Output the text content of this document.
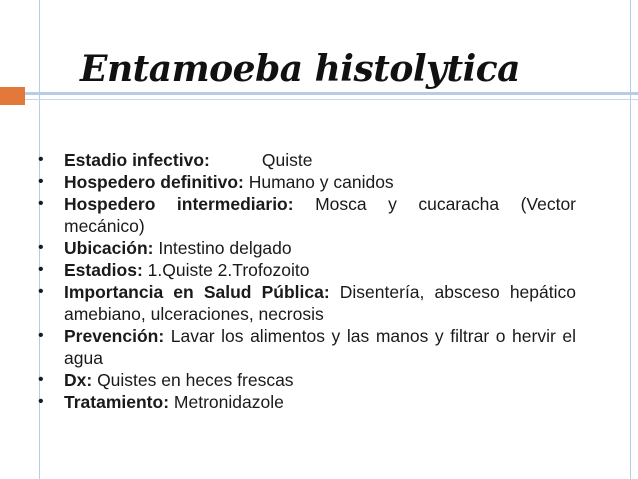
Entamoeba histolytica
•	Estadio infectivo:	Quiste
•	Hospedero definitivo: Humano y canidos
•	Hospedero intermediario: Mosca y cucaracha (Vector mecánico)
•	Ubicación: Intestino delgado
•	Estadios: 1.Quiste 2.Trofozoito
•	Importancia en Salud Pública: Disentería, absceso hepático amebiano, ulceraciones, necrosis
•	Prevención: Lavar los alimentos y las manos y filtrar o hervir el agua
•	Dx: Quistes en heces frescas
•	Tratamiento: Metronidazole
